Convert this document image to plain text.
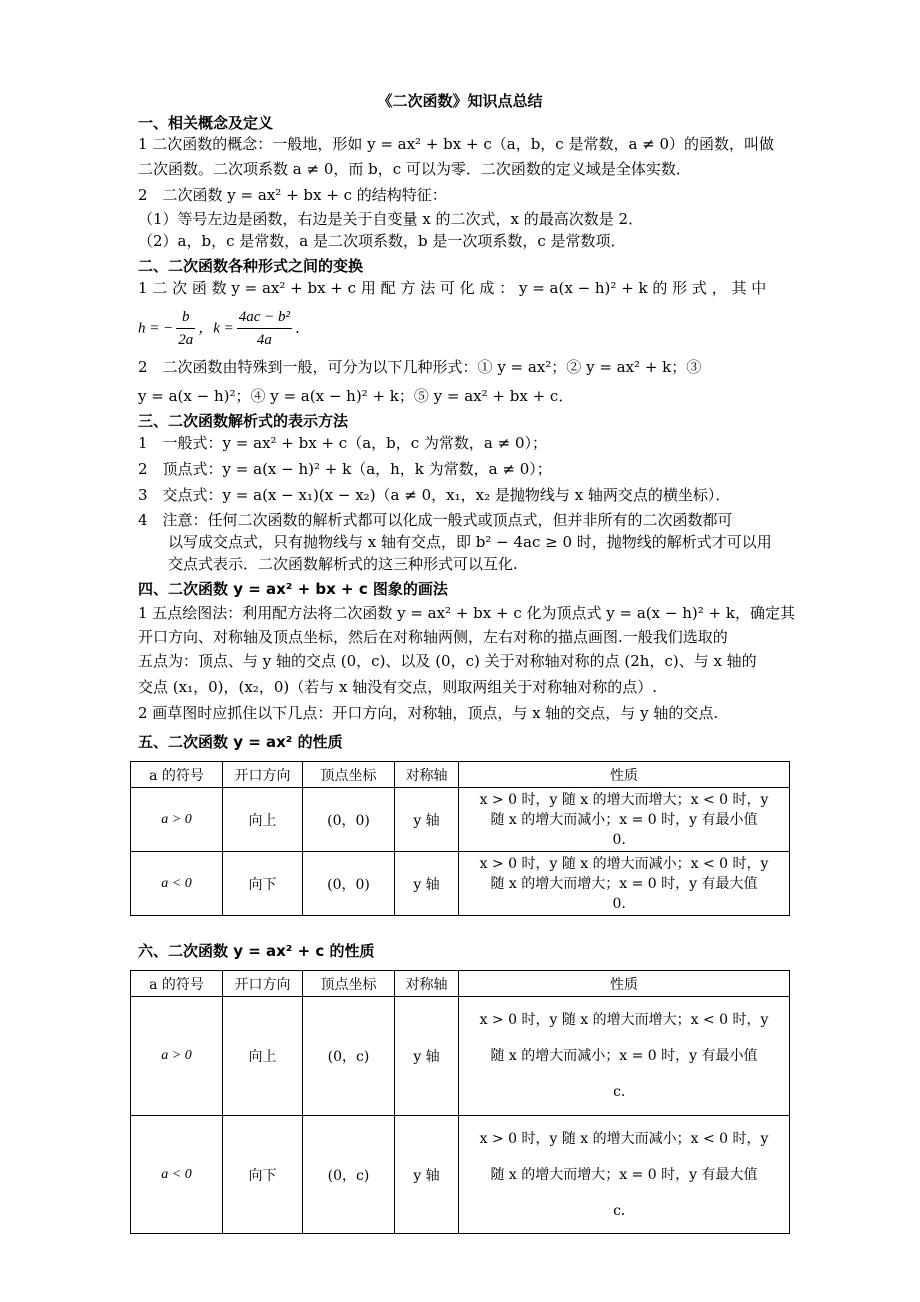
《二次函数》知识点总结
一、相关概念及定义
1 二次函数的概念：一般地，形如 y = ax² + bx + c（a，b，c 是常数，a ≠ 0）的函数，叫做
二次函数。二次项系数 a ≠ 0，而 b，c 可以为零．二次函数的定义域是全体实数．
2　二次函数 y = ax² + bx + c 的结构特征：
（1）等号左边是函数，右边是关于自变量 x 的二次式，x 的最高次数是 2．
（2）a，b，c 是常数，a 是二次项系数，b 是一次项系数，c 是常数项．
二、二次函数各种形式之间的变换
1 二 次 函 数 y = ax² + bx + c 用 配 方 法 可 化 成 ： y = a(x − h)² + k 的 形 式 ， 其 中
h = − $\frac{b}{2a}$ ，$k = \frac{\text{4ac − b²}}{4a}$ ．
2　二次函数由特殊到一般，可分为以下几种形式：① y = ax²；② y = ax² + k；③
y = a(x − h)²；④ y = a(x − h)² + k；⑤ y = ax² + bx + c．
三、二次函数解析式的表示方法
1　一般式：y = ax² + bx + c（a，b，c 为常数，a ≠ 0）；
2　顶点式：y = a(x − h)² + k（a，h，k 为常数，a ≠ 0）；
3　交点式：y = a(x − x₁)(x − x₂)（a ≠ 0，x₁，x₂ 是抛物线与 x 轴两交点的横坐标）．
4　注意：任何二次函数的解析式都可以化成一般式或顶点式，但并非所有的二次函数都可
以写成交点式，只有抛物线与 x 轴有交点，即 b² − 4ac ≥ 0 时，抛物线的解析式才可以用
交点式表示．二次函数解析式的这三种形式可以互化.
四、二次函数 y = ax² + bx + c 图象的画法
1 五点绘图法：利用配方法将二次函数 y = ax² + bx + c 化为顶点式 y = a(x − h)² + k，确定其
开口方向、对称轴及顶点坐标，然后在对称轴两侧，左右对称的描点画图.一般我们选取的
五点为：顶点、与 y 轴的交点 (0，c)、以及 (0，c) 关于对称轴对称的点 (2h，c)、与 x 轴的
交点 (x₁，0)，(x₂，0)（若与 x 轴没有交点，则取两组关于对称轴对称的点）.
2 画草图时应抓住以下几点：开口方向，对称轴，顶点，与 x 轴的交点，与 y 轴的交点.
五、二次函数 y = ax² 的性质
a 的符号	开口方向	顶点坐标	对称轴	性质
a > 0	向上	(0，0)	y 轴	x > 0 时，y 随 x 的增大而增大；x < 0 时，y
随 x 的增大而减小；x = 0 时，y 有最小值
0．

a < 0	向下	(0，0)	y 轴	x > 0 时，y 随 x 的增大而减小；x < 0 时，y
随 x 的增大而增大；x = 0 时，y 有最大值
0．
六、二次函数 y = ax² + c 的性质
a 的符号	开口方向	顶点坐标	对称轴	性质
a > 0	向上	(0，c)	y 轴	x > 0 时，y 随 x 的增大而增大；x < 0 时，y
随 x 的增大而减小；x = 0 时，y 有最小值
c．

a < 0	向下	(0，c)	y 轴	x > 0 时，y 随 x 的增大而减小；x < 0 时，y
随 x 的增大而增大；x = 0 时，y 有最大值
c．
